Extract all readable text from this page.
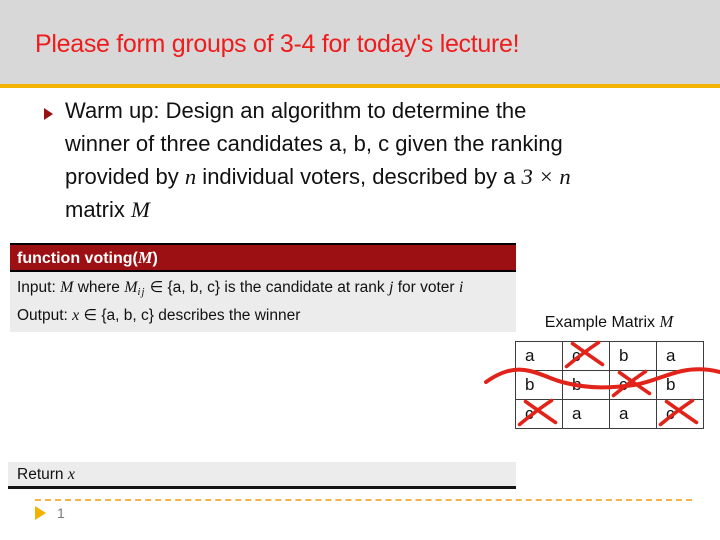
Please form groups of 3-4 for today's lecture!
Warm up: Design an algorithm to determine the
winner of three candidates a, b, c given the ranking
provided by n individual voters, described by a 3 × n
matrix M
function voting(M)
Input: M where Mij ∈ {a, b, c} is the candidate at rank j for voter i
Output: x ∈ {a, b, c} describes the winner	Example Matrix M
a	c	b	a
b	b	c	b
c	a	a	c
Return x
1
